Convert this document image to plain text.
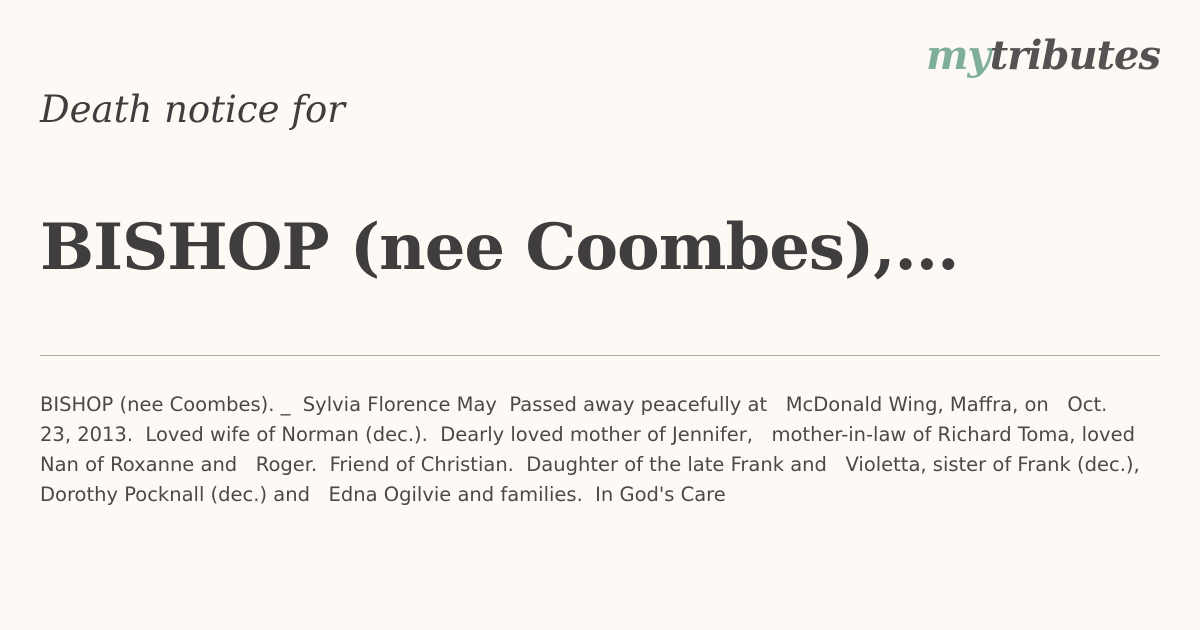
mytributes
Death notice for
BISHOP (nee Coombes),...

BISHOP (nee Coombes). _  Sylvia Florence May  Passed away peacefully at   McDonald Wing, Maffra, on   Oct. 23, 2013.  Loved wife of Norman (dec.).  Dearly loved mother of Jennifer,   mother-in-law of Richard Toma, loved Nan of Roxanne and   Roger.  Friend of Christian.  Daughter of the late Frank and   Violetta, sister of Frank (dec.),   Dorothy Pocknall (dec.) and   Edna Ogilvie and families.  In God's Care
